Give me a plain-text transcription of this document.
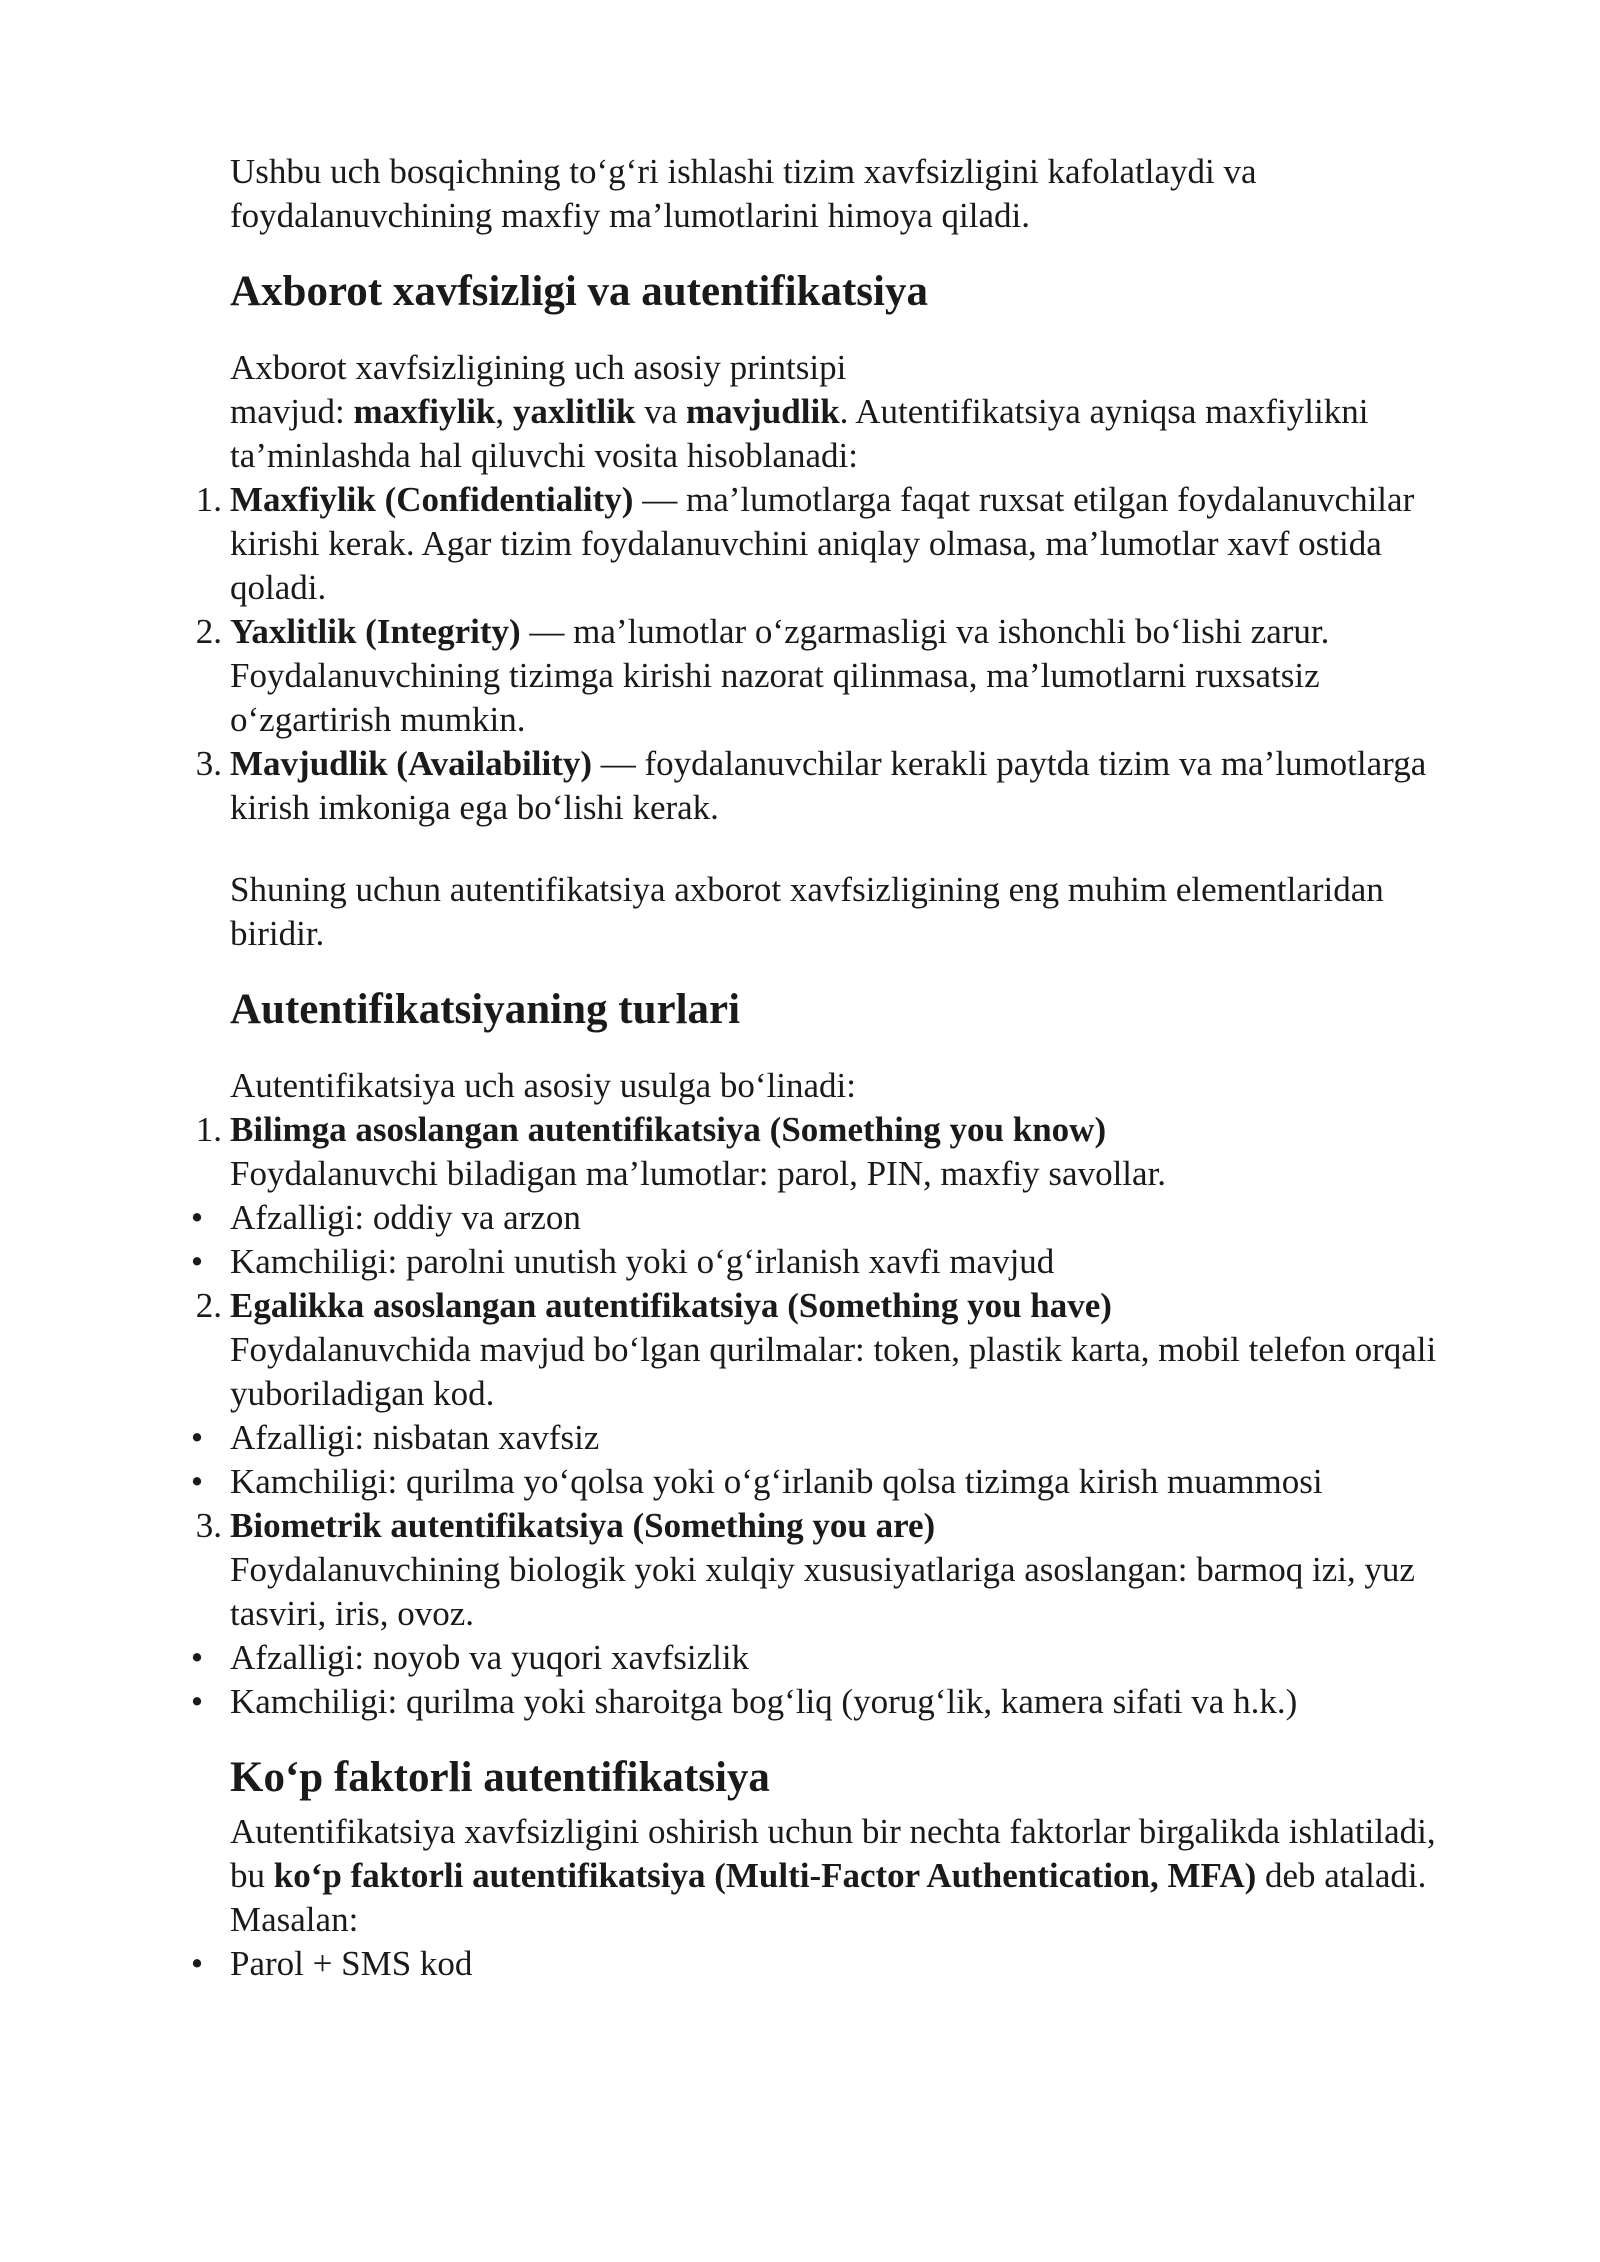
Ushbu uch bosqichning to‘g‘ri ishlashi tizim xavfsizligini kafolatlaydi va foydalanuvchining maxfiy ma’lumotlarini himoya qiladi.

Axborot xavfsizligi va autentifikatsiya

Axborot xavfsizligining uch asosiy printsipi
mavjud: maxfiylik, yaxlitlik va mavjudlik. Autentifikatsiya ayniqsa maxfiylikni ta’minlashda hal qiluvchi vosita hisoblanadi:

1. Maxfiylik (Confidentiality) — ma’lumotlarga faqat ruxsat etilgan foydalanuvchilar kirishi kerak. Agar tizim foydalanuvchini aniqlay olmasa, ma’lumotlar xavf ostida qoladi.
2. Yaxlitlik (Integrity) — ma’lumotlar o‘zgarmasligi va ishonchli bo‘lishi zarur. Foydalanuvchining tizimga kirishi nazorat qilinmasa, ma’lumotlarni ruxsatsiz o‘zgartirish mumkin.
3. Mavjudlik (Availability) — foydalanuvchilar kerakli paytda tizim va ma’lumotlarga kirish imkoniga ega bo‘lishi kerak.

Shuning uchun autentifikatsiya axborot xavfsizligining eng muhim elementlaridan biridir.

Autentifikatsiyaning turlari

Autentifikatsiya uch asosiy usulga bo‘linadi:

1. Bilimga asoslangan autentifikatsiya (Something you know)
Foydalanuvchi biladigan ma’lumotlar: parol, PIN, maxfiy savollar.
• Afzalligi: oddiy va arzon
• Kamchiligi: parolni unutish yoki o‘g‘irlanish xavfi mavjud
2. Egalikka asoslangan autentifikatsiya (Something you have)
Foydalanuvchida mavjud bo‘lgan qurilmalar: token, plastik karta, mobil telefon orqali yuboriladigan kod.
• Afzalligi: nisbatan xavfsiz
• Kamchiligi: qurilma yo‘qolsa yoki o‘g‘irlanib qolsa tizimga kirish muammosi
3. Biometrik autentifikatsiya (Something you are)
Foydalanuvchining biologik yoki xulqiy xususiyatlariga asoslangan: barmoq izi, yuz tasviri, iris, ovoz.
• Afzalligi: noyob va yuqori xavfsizlik
• Kamchiligi: qurilma yoki sharoitga bog‘liq (yorug‘lik, kamera sifati va h.k.)
Ko‘p faktorli autentifikatsiya

Autentifikatsiya xavfsizligini oshirish uchun bir nechta faktorlar birgalikda ishlatiladi, bu ko‘p faktorli autentifikatsiya (Multi-Factor Authentication, MFA) deb ataladi. Masalan:

• Parol + SMS kod
